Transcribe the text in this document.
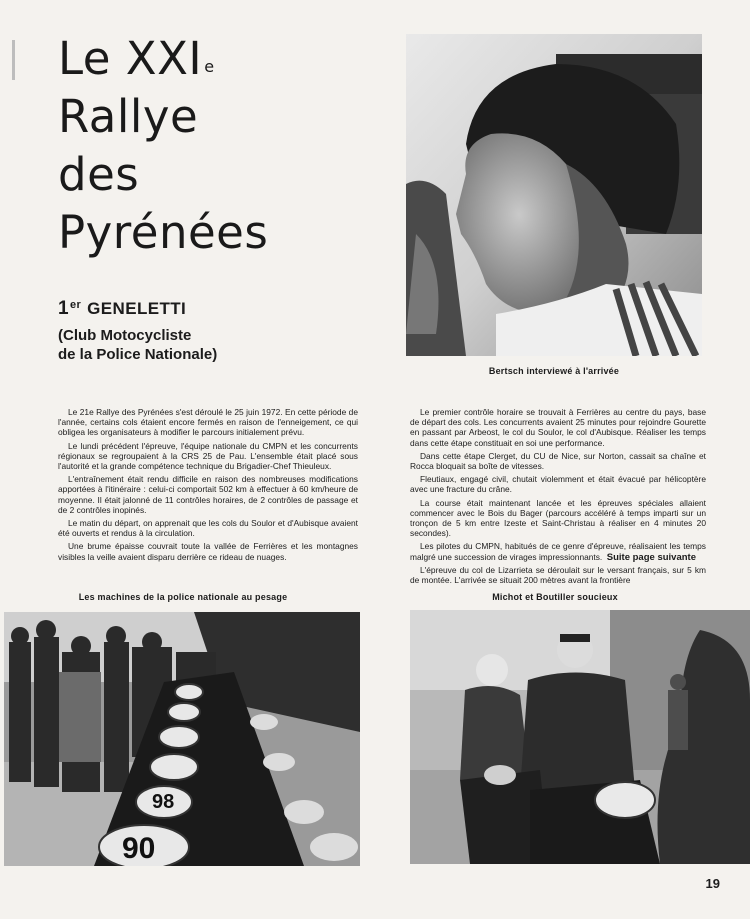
Le XXI $^e$
Rallye
des
Pyrénées
1er GENELETTI
(Club Motocycliste
de la Police Nationale)
Bertsch interviewé à l'arrivée

Le 21e Rallye des Pyrénées s'est déroulé le 25 juin 1972. En cette période de l'année, certains cols étaient encore fermés en raison de l'enneigement, ce qui obligea les organisateurs à modifier le parcours initialement prévu.

Le lundi précédent l'épreuve, l'équipe nationale du CMPN et les concurrents régionaux se regroupaient à la CRS 25 de Pau. L'ensemble était placé sous l'autorité et la grande compétence technique du Brigadier-Chef Thieuleux.

L'entraînement était rendu difficile en raison des nombreuses modifications apportées à l'itinéraire : celui-ci comportait 502 km à effectuer à 60 km/heure de moyenne. Il était jalonné de 11 contrôles horaires, de 2 contrôles de passage et de 2 contrôles inopinés.

Le matin du départ, on apprenait que les cols du Soulor et d'Aubisque avaient été ouverts et rendus à la circulation.

Une brume épaisse couvrait toute la vallée de Ferrières et les montagnes visibles la veille avaient disparu derrière ce rideau de nuages.

Le premier contrôle horaire se trouvait à Ferrières au centre du pays, base de départ des cols. Les concurrents avaient 25 minutes pour rejoindre Gourette en passant par Arbeost, le col du Soulor, le col d'Aubisque. Réaliser les temps dans cette étape constituait en soi une performance.

Dans cette étape Clerget, du CU de Nice, sur Norton, cassait sa chaîne et Rocca bloquait sa boîte de vitesses.

Fleutiaux, engagé civil, chutait violemment et était évacué par hélicoptère avec une fracture du crâne.

La course était maintenant lancée et les épreuves spéciales allaient commencer avec le Bois du Bager (parcours accéléré à temps imparti sur un tronçon de 5 km entre Izeste et Saint-Christau à réaliser en 4 minutes 20 secondes).

Les pilotes du CMPN, habitués de ce genre d'épreuve, réalisaient les temps malgré une succession de virages impressionnants.

L'épreuve du col de Lizarrieta se déroulait sur le versant français, sur 5 km de montée. L'arrivée se situait 200 mètres avant la frontière

Suite page suivante
Les machines de la police nationale au pesage	Michot et Boutiller soucieux
98
90
19
